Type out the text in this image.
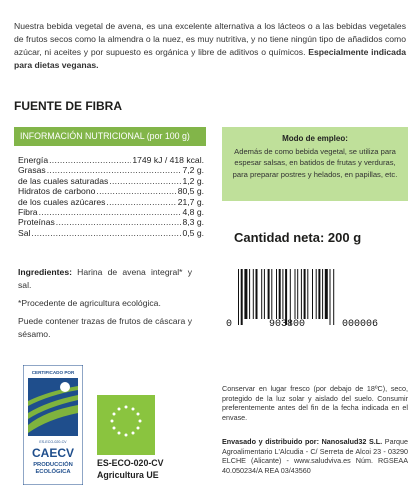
Nuestra bebida vegetal de avena, es una excelente alternativa a los lácteos o a las bebidas vegetales de frutos secos como la almendra o la nuez, es muy nutritiva, y no tiene ningún tipo de añadidos como azúcar, ni aceites y por supuesto es orgánica y libre de aditivos o químicos. Especialmente indicada para dietas veganas.
FUENTE DE FIBRA
INFORMACIÓN NUTRICIONAL (por 100 g)
Energía .....	1749 kJ / 418 kcal.
Grasas .....	7,2 g.
de las cuales saturadas .....	1,2 g.
Hidratos de carbono .....	80,5 g.
de los cuales azúcares .....	21,7 g.
Fibra .....	4,8 g.
Proteínas .....	8,3 g.
Sal .....	0,5 g.

Ingredientes: Harina de avena integral* y sal.

*Procedente de agricultura ecológica.

Puede contener trazas de frutos de cáscara y sésamo.

Modo de empleo:
Además de como bebida vegetal, se utiliza para espesar salsas, en batidos de frutas y verduras, para preparar postres y helados, en papillas, etc.
Cantidad neta: 200 g
0	903800	000006
CERTIFICADO POR
ES-ECO-020-CV
CAECV
PRODUCCIÓN
ECOLÓGICA
ES-ECO-020-CV
Agricultura UE
Conservar en lugar fresco (por debajo de 18ºC), seco, protegido de la luz solar y aislado del suelo. Consumir preferentemente antes del fin de la fecha indicada en el envase.
Envasado y distribuido por: Nanosalud32 S.L. Parque Agroalimentario L'Alcudia - C/ Serreta de Alcoi 23 - 03290 ELCHE (Alicante) - www.saludviva.es Núm. RGSEAA 40.050234/A REA 03/43560
